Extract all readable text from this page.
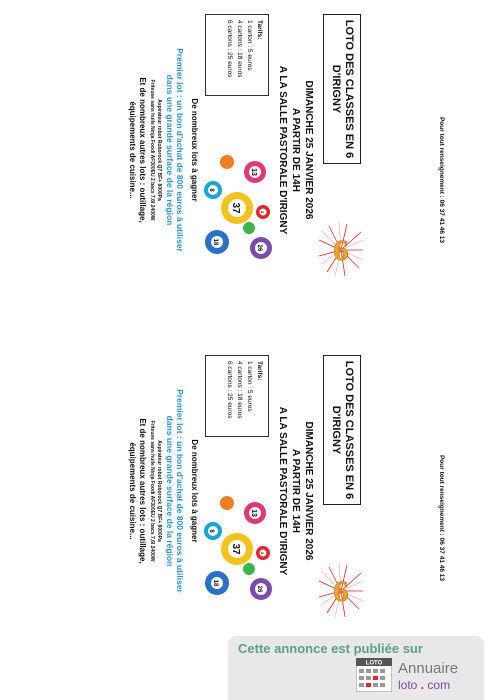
LOTO DES CLASSES EN 6
D'IRIGNY
6
DIMANCHE 25 JANVIER 2026
A PARTIR DE 14H
A LA SALLE PASTORALE D'IRIGNY
Tarifs:
1 carton : 5 euros
4 cartons : 18 euros
6 cartons : 25 euros
13
37
8
18
26
3
De nombreux lots à gagner
Premier lot : un bon d'achat de 800 euros à utiliser
dans une grande surface de la région
Aspirateur robot Roborock Q7 BF+ 8000Pa
Friteuse sans huile Ninja Foodi AF300EU 2 bacs 7,6l 2400W
Et de nombreux autres lots : outillage,
équipements de cuisine...	Pour tout renseignement : 06 37 41 46 13
LOTO DES CLASSES EN 6
D'IRIGNY
6
DIMANCHE 25 JANVIER 2026
A PARTIR DE 14H
A LA SALLE PASTORALE D'IRIGNY
Tarifs:
1 carton : 5 euros
4 cartons : 18 euros
6 cartons : 25 euros
13
37
8
18
26
3
De nombreux lots à gagner
Premier lot : un bon d'achat de 800 euros à utiliser
dans une grande surface de la région
Aspirateur robot Roborock Q7 BF+ 8000Pa
Friteuse sans huile Ninja Foodi AF300EU 2 bacs 7,6l 2400W
Et de nombreux autres lots : outillage,
équipements de cuisine...	Pour tout renseignement : 06 37 41 46 13
Cette annonce est publiée sur
LOTO Annuaire
loto . com
